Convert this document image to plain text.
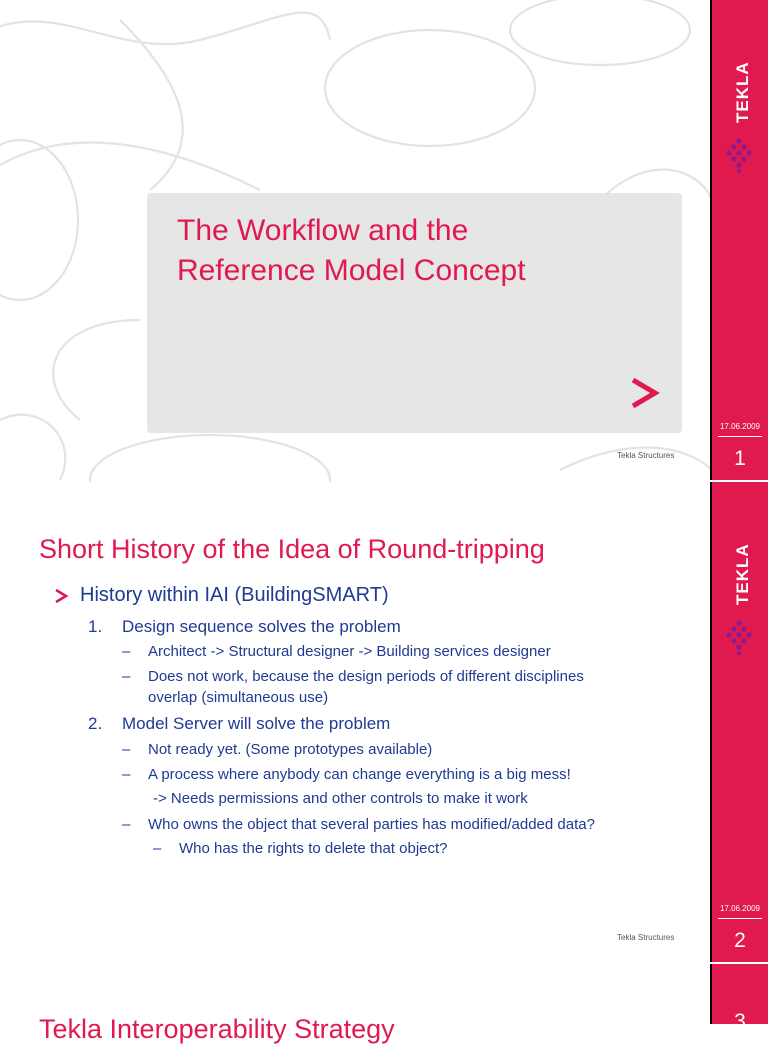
The Workflow and the
Reference Model Concept
Tekla Structures
TEKLA
17.06.2009
1
Short History of the Idea of Round-tripping
History within IAI (BuildingSMART)
1. Design sequence solves the problem
– Architect -> Structural designer -> Building services designer
– Does not work, because the design periods of different disciplines
overlap (simultaneous use)
2. Model Server will solve the problem
– Not ready yet. (Some prototypes available)
– A process where anybody can change everything is a big mess!
-> Needs permissions and other controls to make it work
– Who owns the object that several parties has modified/added data?
– Who has the rights to delete that object?
Tekla Structures
TEKLA
17.06.2009
2
Tekla Interoperability Strategy	3
